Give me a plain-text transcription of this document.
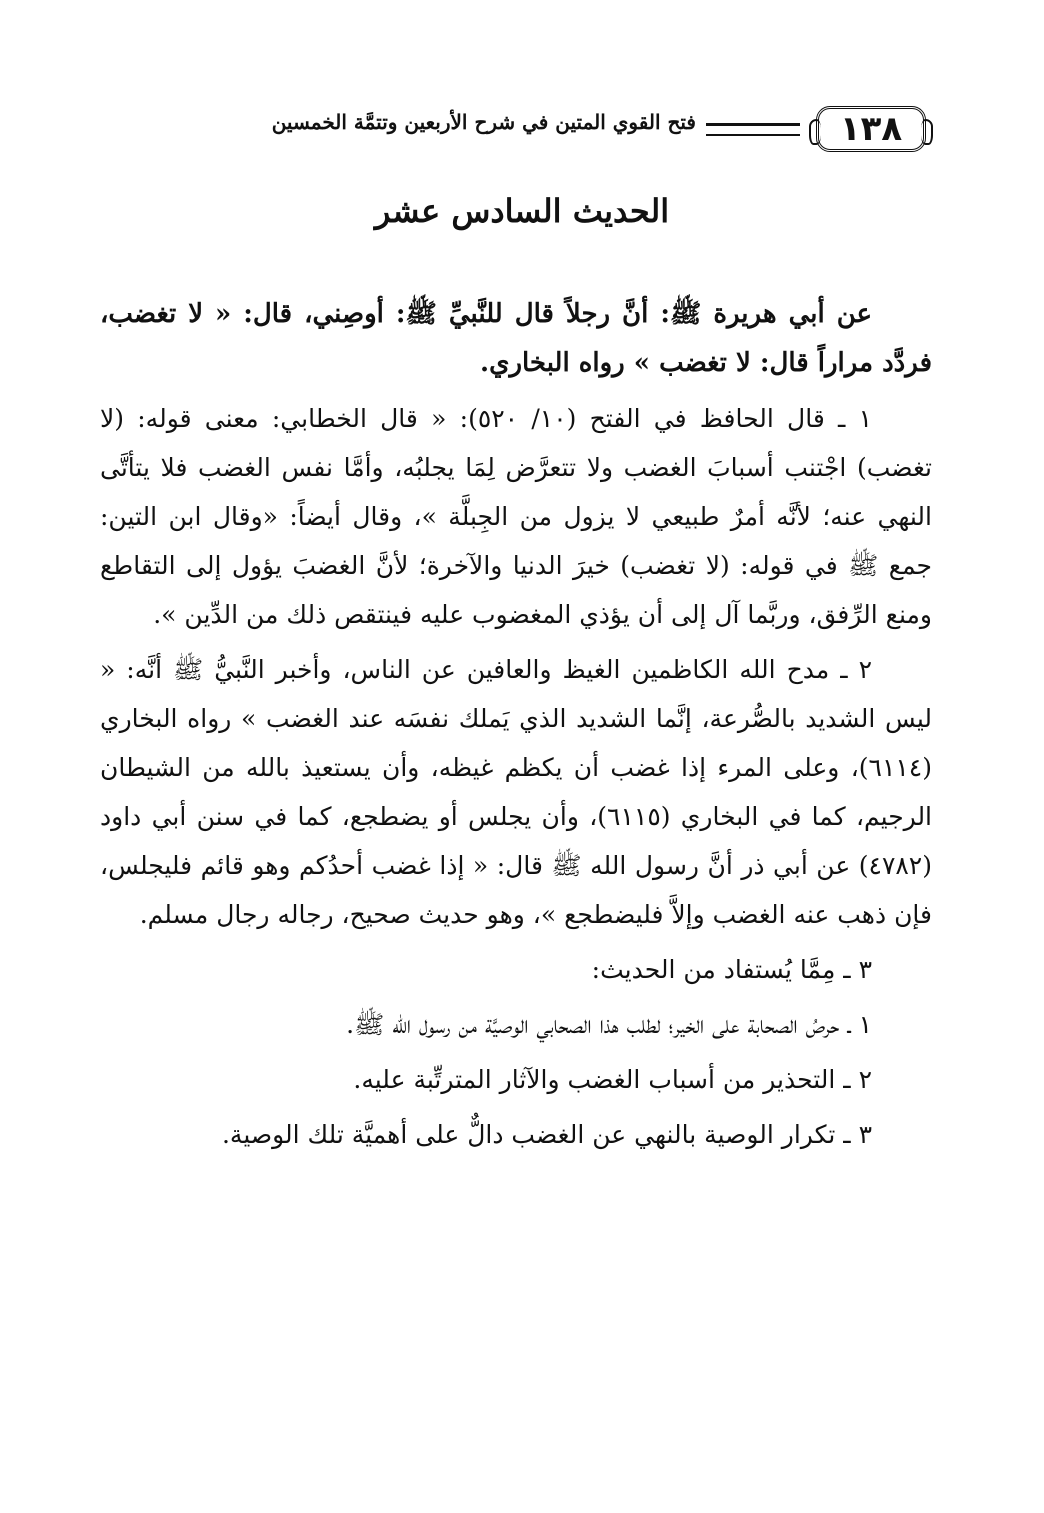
فتح القوي المتين في شرح الأربعين وتتمَّة الخمسين	١٣٨
الحديث السادس عشر

عن أبي هريرة ﷺ: أنَّ رجلاً قال للنَّبيِّ ﷺ: أوصِني، قال: « لا تغضب، فردَّد مراراً قال: لا تغضب » رواه البخاري.

١ ـ قال الحافظ في الفتح (١٠/ ٥٢٠): « قال الخطابي: معنى قوله: (لا تغضب) اجْتنب أسبابَ الغضب ولا تتعرَّض لِمَا يجلبُه، وأمَّا نفس الغضب فلا يتأتَّى النهي عنه؛ لأنَّه أمرٌ طبيعي لا يزول من الجِبلَّة »، وقال أيضاً: «وقال ابن التين: جمع ﷺ في قوله: (لا تغضب) خيرَ الدنيا والآخرة؛ لأنَّ الغضبَ يؤول إلى التقاطع ومنع الرِّفق، وربَّما آل إلى أن يؤذي المغضوب عليه فينتقص ذلك من الدِّين ».

٢ ـ مدح الله الكاظمين الغيظ والعافين عن الناس، وأخبر النَّبيُّ ﷺ أنَّه: « ليس الشديد بالصُّرعة، إنَّما الشديد الذي يَملك نفسَه عند الغضب » رواه البخاري (٦١١٤)، وعلى المرء إذا غضب أن يكظم غيظه، وأن يستعيذ بالله من الشيطان الرجيم، كما في البخاري (٦١١٥)، وأن يجلس أو يضطجع، كما في سنن أبي داود (٤٧٨٢) عن أبي ذر أنَّ رسول الله ﷺ قال: « إذا غضب أحدُكم وهو قائم فليجلس، فإن ذهب عنه الغضب وإلاَّ فليضطجع »، وهو حديث صحيح، رجاله رجال مسلم.

٣ ـ مِمَّا يُستفاد من الحديث:

١ ـ حرصُ الصحابة على الخير؛ لطلب هذا الصحابي الوصيَّة من رسول الله ﷺ.

٢ ـ التحذير من أسباب الغضب والآثار المترتِّبة عليه.

٣ ـ تكرار الوصية بالنهي عن الغضب دالٌّ على أهميَّة تلك الوصية.
